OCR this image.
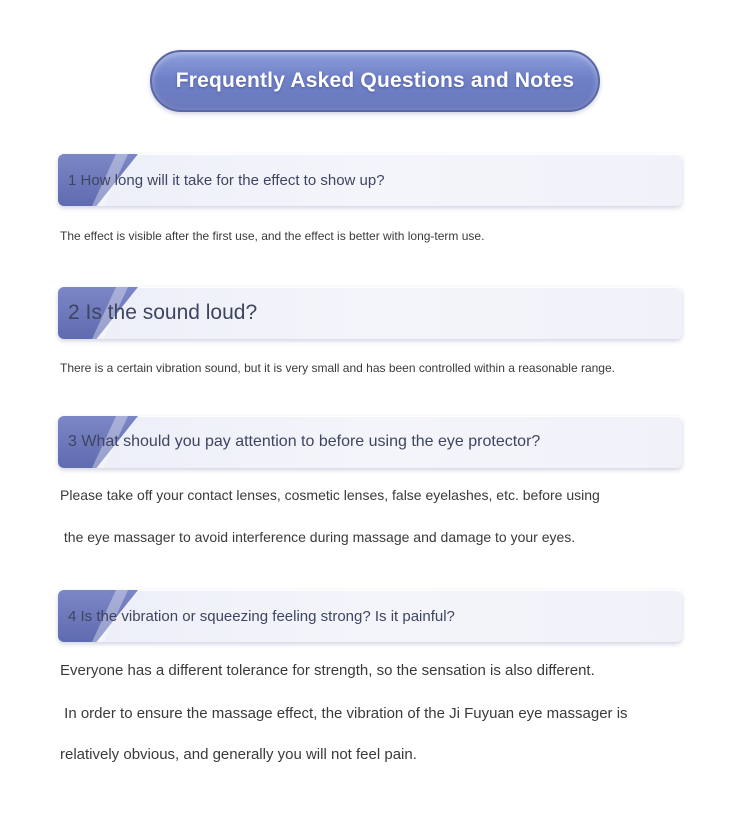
Frequently Asked Questions and Notes
1 How long will it take for the effect to show up?
The effect is visible after the first use, and the effect is better with long-term use.
2 Is the sound loud?
There is a certain vibration sound, but it is very small and has been controlled within a reasonable range.
3 What should you pay attention to before using the eye protector?
Please take off your contact lenses, cosmetic lenses, false eyelashes, etc. before using
the eye massager to avoid interference during massage and damage to your eyes.
4 Is the vibration or squeezing feeling strong? Is it painful?
Everyone has a different tolerance for strength, so the sensation is also different.
In order to ensure the massage effect, the vibration of the Ji Fuyuan eye massager is
relatively obvious, and generally you will not feel pain.
